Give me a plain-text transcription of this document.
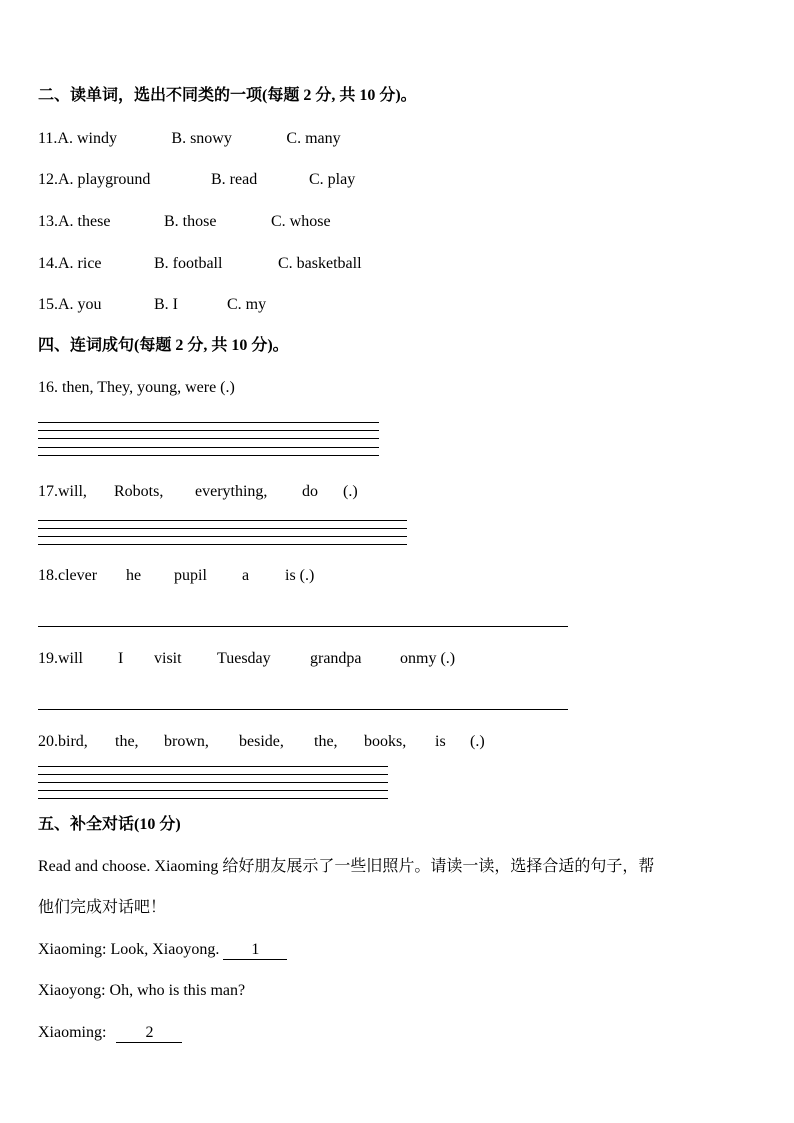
二、读单词，选出不同类的一项(每题 2 分, 共 10 分)。
11.A. windy	B. snowy	C. many
12.A. playground	B. read	C. play
13.A. these	B. those	C. whose
14.A. rice	B. football	C. basketball
15.A. you	B. I	C. my
四、连词成句(每题 2 分, 共 10 分)。
16. then, They, young, were (.)
17.will, Robots, everything, do (.)
18.clever he pupil a is (.)
19.will I visit Tuesday grandpa onmy (.)
20.bird, the, brown, beside, the, books, is (.)
五、补全对话(10 分)
Read and choose. Xiaoming 给好朋友展示了一些旧照片。请读一读，选择合适的句子，帮
他们完成对话吧！
Xiaoming: Look, Xiaoyong. 1
Xiaoyong: Oh, who is this man?
Xiaoming: 2
